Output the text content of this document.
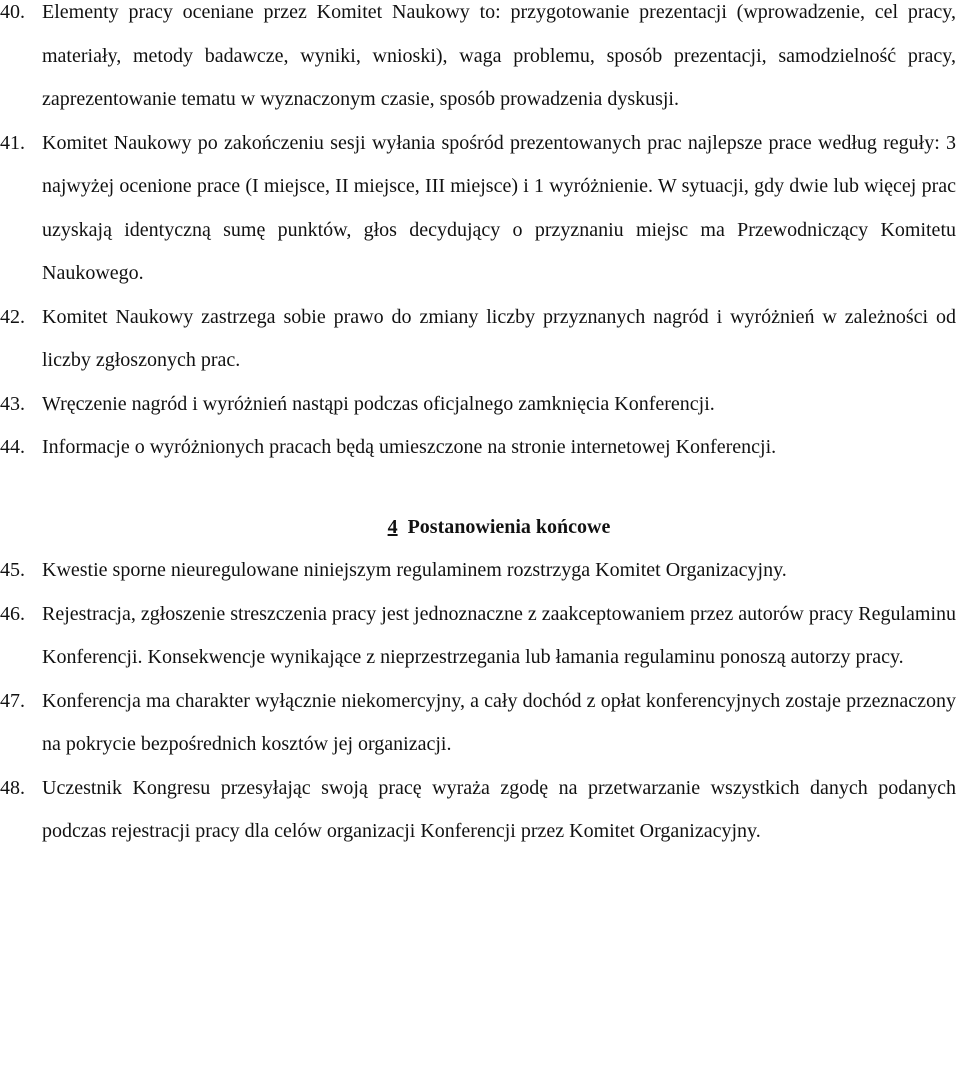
40. Elementy pracy oceniane przez Komitet Naukowy to: przygotowanie prezentacji (wprowadzenie, cel pracy, materiały, metody badawcze, wyniki, wnioski), waga problemu, sposób prezentacji, samodzielność pracy, zaprezentowanie tematu w wyznaczonym czasie, sposób prowadzenia dyskusji.
41. Komitet Naukowy po zakończeniu sesji wyłania spośród prezentowanych prac najlepsze prace według reguły: 3 najwyżej ocenione prace (I miejsce, II miejsce, III miejsce) i 1 wyróżnienie. W sytuacji, gdy dwie lub więcej prac uzyskają identyczną sumę punktów, głos decydujący o przyznaniu miejsc ma Przewodniczący Komitetu Naukowego.
42. Komitet Naukowy zastrzega sobie prawo do zmiany liczby przyznanych nagród i wyróżnień w zależności od liczby zgłoszonych prac.
43. Wręczenie nagród i wyróżnień nastąpi podczas oficjalnego zamknięcia Konferencji.
44. Informacje o wyróżnionych pracach będą umieszczone na stronie internetowej Konferencji.
4 Postanowienia końcowe
45. Kwestie sporne nieuregulowane niniejszym regulaminem rozstrzyga Komitet Organizacyjny.
46. Rejestracja, zgłoszenie streszczenia pracy jest jednoznaczne z zaakceptowaniem przez autorów pracy Regulaminu Konferencji. Konsekwencje wynikające z nieprzestrzegania lub łamania regulaminu ponoszą autorzy pracy.
47. Konferencja ma charakter wyłącznie niekomercyjny, a cały dochód z opłat konferencyjnych zostaje przeznaczony na pokrycie bezpośrednich kosztów jej organizacji.
48. Uczestnik Kongresu przesyłając swoją pracę wyraża zgodę na przetwarzanie wszystkich danych podanych podczas rejestracji pracy dla celów organizacji Konferencji przez Komitet Organizacyjny.
